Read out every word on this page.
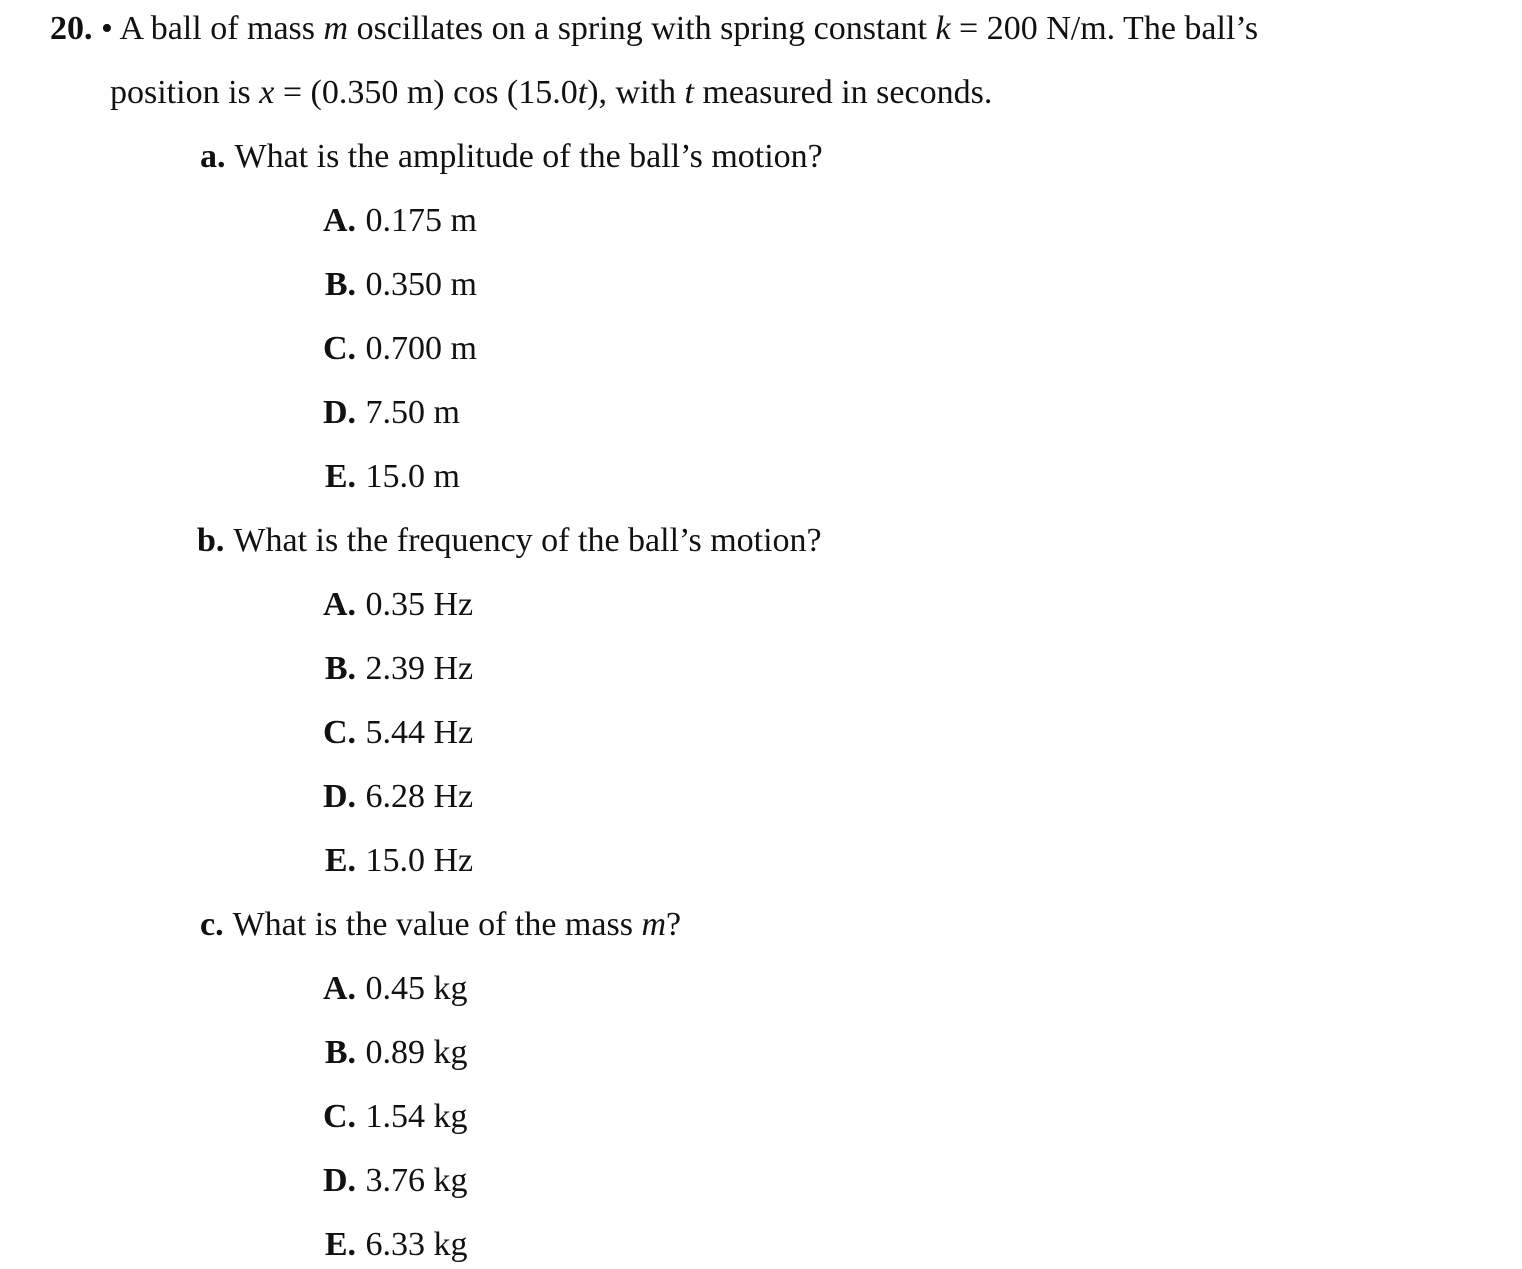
20. • A ball of mass m oscillates on a spring with spring constant k = 200 N/m. The ball’s
position is x = (0.350 m) cos (15.0t), with t measured in seconds.
a. What is the amplitude of the ball’s motion?
A. 0.175 m
B. 0.350 m
C. 0.700 m
D. 7.50 m
E. 15.0 m
b. What is the frequency of the ball’s motion?
A. 0.35 Hz
B. 2.39 Hz
C. 5.44 Hz
D. 6.28 Hz
E. 15.0 Hz
c. What is the value of the mass m?
A. 0.45 kg
B. 0.89 kg
C. 1.54 kg
D. 3.76 kg
E. 6.33 kg
